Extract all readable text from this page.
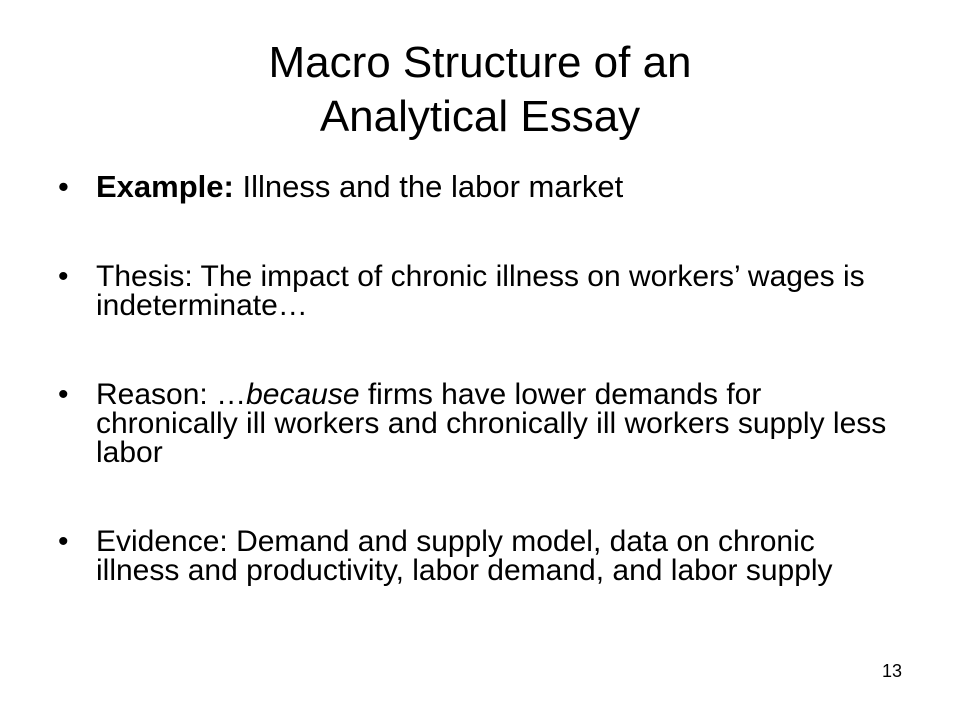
Macro Structure of an
Analytical Essay
• Example: Illness and the labor market
• Thesis: The impact of chronic illness on workers’ wages is indeterminate…
• Reason: …because firms have lower demands for chronically ill workers and chronically ill workers supply less labor
• Evidence: Demand and supply model, data on chronic illness and productivity, labor demand, and labor supply
13
